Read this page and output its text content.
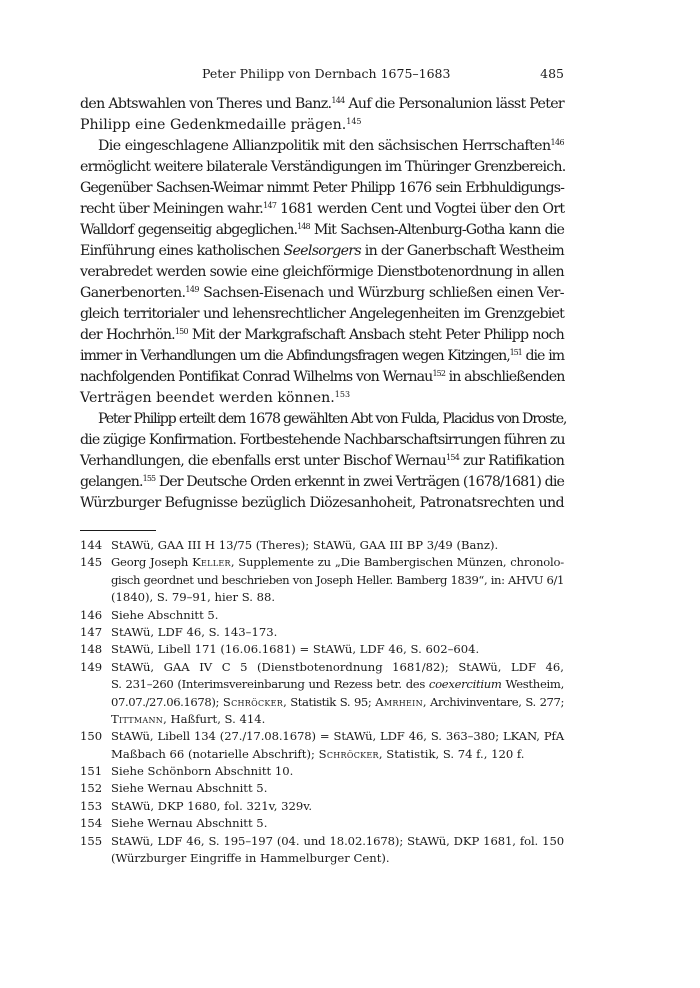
Peter Philipp von Dernbach 1675–1683	485
den Abtswahlen von Theres und Banz.$^{144}$ Auf die Personalunion lässt Peter
Philipp eine Gedenkmedaille prägen.$^{145}$
Die eingeschlagene Allianzpolitik mit den sächsischen Herrschaften$^{146}$
ermöglicht weitere bilaterale Verständigungen im Thüringer Grenzbereich.
Gegenüber Sachsen-Weimar nimmt Peter Philipp 1676 sein Erbhuldigungs-
recht über Meiningen wahr.$^{147}$ 1681 werden Cent und Vogtei über den Ort
Walldorf gegenseitig abgeglichen.$^{148}$ Mit Sachsen-Altenburg-Gotha kann die
Einführung eines katholischen Seelsorgers in der Ganerbschaft Westheim
verabredet werden sowie eine gleichförmige Dienstbotenordnung in allen
Ganerbenorten.$^{149}$ Sachsen-Eisenach und Würzburg schließen einen Ver-
gleich territorialer und lehensrechtlicher Angelegenheiten im Grenzgebiet
der Hochrhön.$^{150}$ Mit der Markgrafschaft Ansbach steht Peter Philipp noch
immer in Verhandlungen um die Abfindungsfragen wegen Kitzingen,$^{151}$ die im
nachfolgenden Pontifikat Conrad Wilhelms von Wernau$^{152}$ in abschließenden
Verträgen beendet werden können.$^{153}$
Peter Philipp erteilt dem 1678 gewählten Abt von Fulda, Placidus von Droste,
die zügige Konfirmation. Fortbestehende Nachbarschaftsirrungen führen zu
Verhandlungen, die ebenfalls erst unter Bischof Wernau$^{154}$ zur Ratifikation
gelangen.$^{155}$ Der Deutsche Orden erkennt in zwei Verträgen (1678/1681) die
Würzburger Befugnisse bezüglich Diözesanhoheit, Patronatsrechten und
144 StAWü, GAA III H 13/75 (Theres); StAWü, GAA III BP 3/49 (Banz).
145 Georg Joseph Keller, Supplemente zu „Die Bambergischen Münzen, chronolo-
gisch geordnet und beschrieben von Joseph Heller. Bamberg 1839“, in: AHVU 6/1
(1840), S. 79–91, hier S. 88.
146 Siehe Abschnitt 5.
147 StAWü, LDF 46, S. 143–173.
148 StAWü, Libell 171 (16.06.1681) = StAWü, LDF 46, S. 602–604.
149 StAWü, GAA IV C 5 (Dienstbotenordnung 1681/82); StAWü, LDF 46,
S. 231–260 (Interimsvereinbarung und Rezess betr. des coexercitium Westheim,
07.07./27.06.1678); Schröcker, Statistik S. 95; Amrhein, Archivinventare, S. 277;
Tittmann, Haßfurt, S. 414.
150 StAWü, Libell 134 (27./17.08.1678) = StAWü, LDF 46, S. 363–380; LKAN, PfA
Maßbach 66 (notarielle Abschrift); Schröcker, Statistik, S. 74 f., 120 f.
151 Siehe Schönborn Abschnitt 10.
152 Siehe Wernau Abschnitt 5.
153 StAWü, DKP 1680, fol. 321v, 329v.
154 Siehe Wernau Abschnitt 5.
155 StAWü, LDF 46, S. 195–197 (04. und 18.02.1678); StAWü, DKP 1681, fol. 150
(Würzburger Eingriffe in Hammelburger Cent).
